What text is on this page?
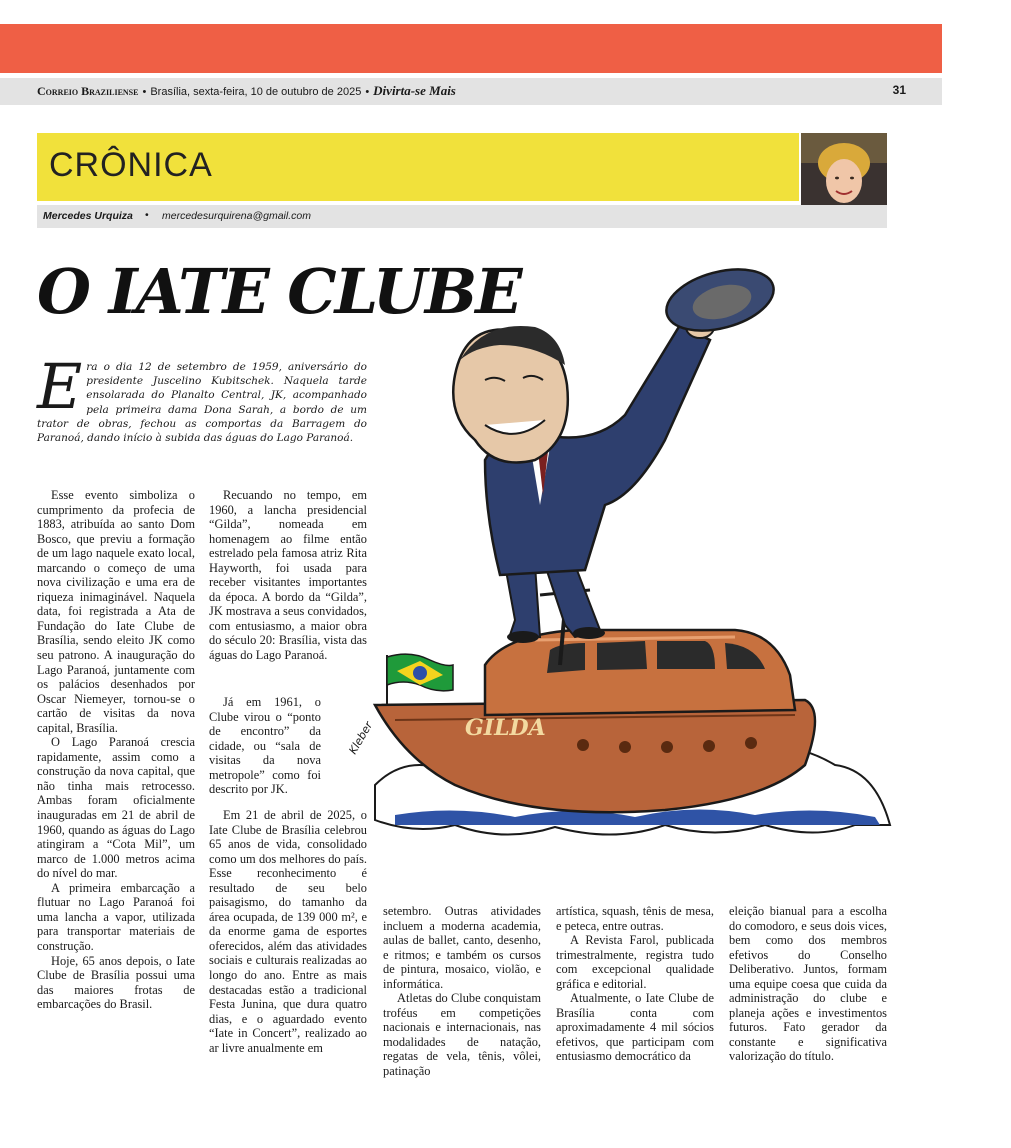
Correio Braziliense • Brasília, sexta-feira, 10 de outubro de 2025 • Divirta-se Mais	31
CRÔNICA
Mercedes Urquiza • mercedesurquirena@gmail.com
O IATE CLUBE
Era o dia 12 de setembro de 1959, aniversário do presidente Juscelino Kubitschek. Naquela tarde ensolarada do Planalto Central, JK, acompanhado pela primeira dama Dona Sarah, a bordo de um trator de obras, fechou as comportas da Barragem do Paranoá, dando início à subida das águas do Lago Paranoá.
GILDA
Kleber

Esse evento simboliza o cumprimento da profecia de 1883, atribuída ao santo Dom Bosco, que previu a formação de um lago naquele exato local, marcando o começo de uma nova civilização e uma era de riqueza inimaginável. Naquela data, foi registrada a Ata de Fundação do Iate Clube de Brasília, sendo eleito JK como seu patrono. A inauguração do Lago Paranoá, juntamente com os palácios desenhados por Oscar Niemeyer, tornou-se o cartão de visitas da nova capital, Brasília.

O Lago Paranoá crescia rapidamente, assim como a construção da nova capital, que não tinha mais retrocesso. Ambas foram oficialmente inauguradas em 21 de abril de 1960, quando as águas do Lago atingiram a “Cota Mil”, um marco de 1.000 metros acima do nível do mar.

A primeira embarcação a flutuar no Lago Paranoá foi uma lancha a vapor, utilizada para transportar materiais de construção.

Hoje, 65 anos depois, o Iate Clube de Brasília possui uma das maiores frotas de embarcações do Brasil.

Recuando no tempo, em 1960, a lancha presidencial “Gilda”, nomeada em homenagem ao filme então estrelado pela famosa atriz Rita Hayworth, foi usada para receber visitantes importantes da época. A bordo da “Gilda”, JK mostrava a seus convidados, com entusiasmo, a maior obra do século 20: Brasília, vista das águas do Lago Paranoá.

Já em 1961, o Clube virou o “ponto de encontro” da cidade, ou “sala de visitas da nova metropole” como foi descrito por JK.

Em 21 de abril de 2025, o Iate Clube de Brasília celebrou 65 anos de vida, consolidado como um dos melhores do país. Esse reconhecimento é resultado de seu belo paisagismo, do tamanho da área ocupada, de 139 000 m², e da enorme gama de esportes oferecidos, além das atividades sociais e culturais realizadas ao longo do ano. Entre as mais destacadas estão a tradicional Festa Junina, que dura quatro dias, e o aguardado evento “Iate in Concert”, realizado ao ar livre anualmente em

setembro. Outras atividades incluem a moderna academia, aulas de ballet, canto, desenho, e ritmos; e também os cursos de pintura, mosaico, violão, e informática.

Atletas do Clube conquistam troféus em competições nacionais e internacionais, nas modalidades de natação, regatas de vela, tênis, vôlei, patinação

artística, squash, tênis de mesa, e peteca, entre outras.

A Revista Farol, publicada trimestralmente, registra tudo com excepcional qualidade gráfica e editorial.

Atualmente, o Iate Clube de Brasília conta com aproximadamente 4 mil sócios efetivos, que participam com entusiasmo democrático da

eleição bianual para a escolha do comodoro, e seus dois vices, bem como dos membros efetivos do Conselho Deliberativo. Juntos, formam uma equipe coesa que cuida da administração do clube e planeja ações e investimentos futuros. Fato gerador da constante e significativa valorização do título.
